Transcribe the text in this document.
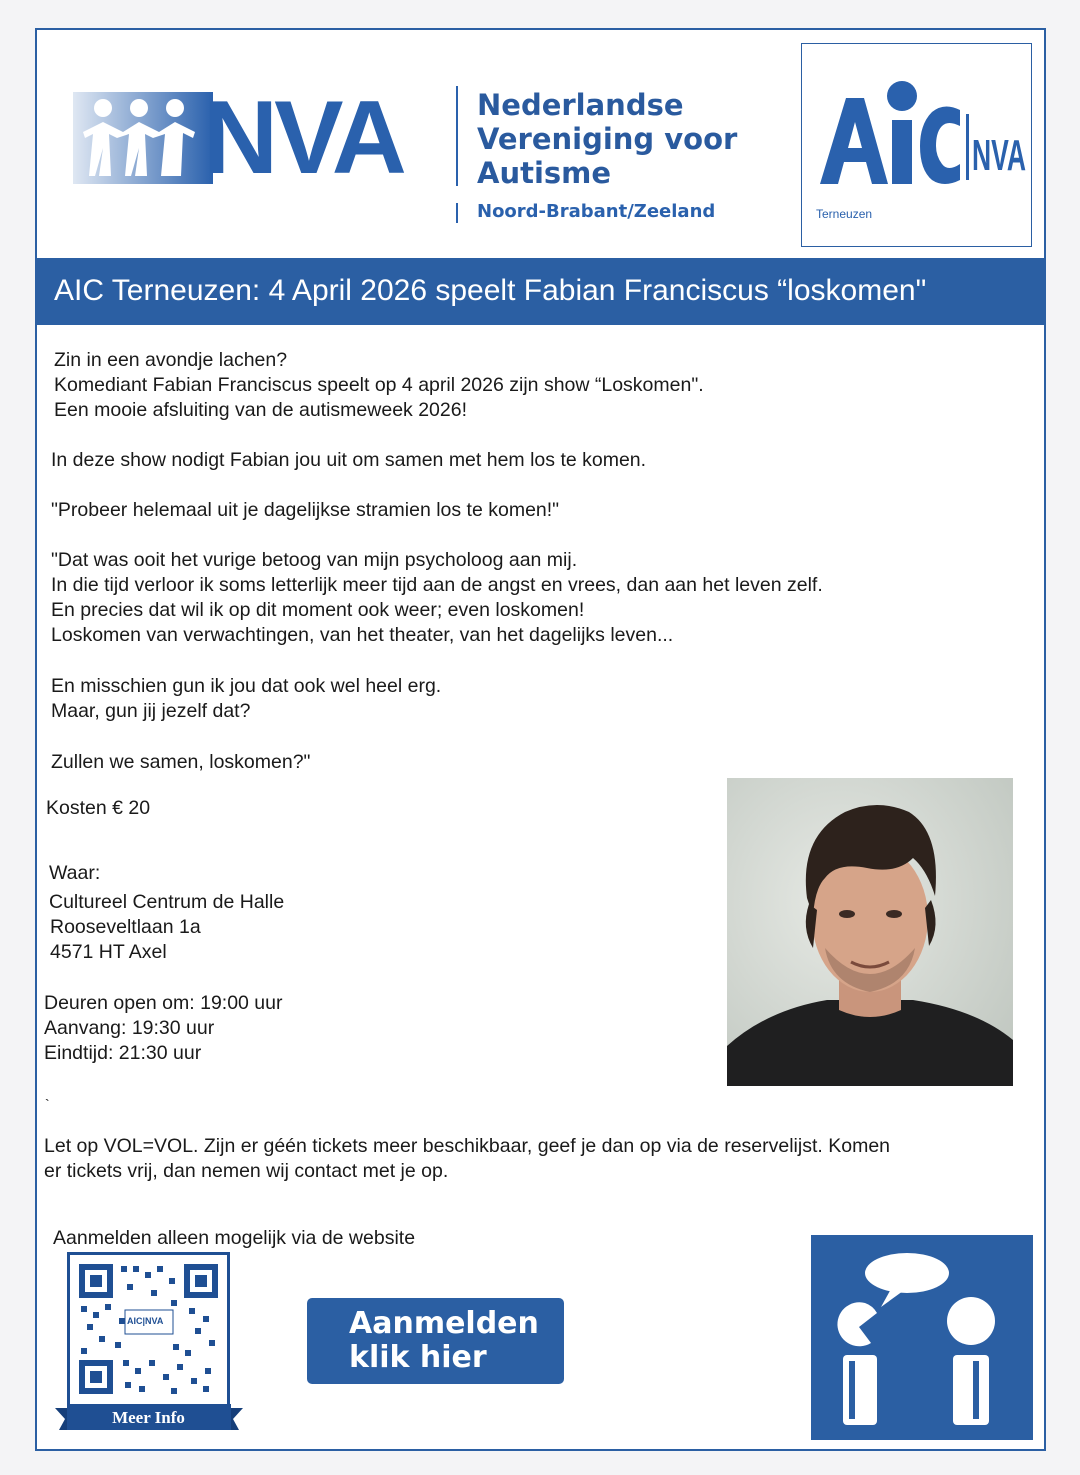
NVA	Nederlandse
Vereniging voor
Autisme
Noord-Brabant/Zeeland
NVA
Terneuzen
AIC Terneuzen: 4 April 2026 speelt Fabian Franciscus “loskomen"
Zin in een avondje lachen?
Komediant Fabian Franciscus speelt op 4 april 2026 zijn show “Loskomen".
Een mooie afsluiting van de autismeweek 2026!
In deze show nodigt Fabian jou uit om samen met hem los te komen.
"Probeer helemaal uit je dagelijkse stramien los te komen!"
"Dat was ooit het vurige betoog van mijn psycholoog aan mij.
In die tijd verloor ik soms letterlijk meer tijd aan de angst en vrees, dan aan het leven zelf.
En precies dat wil ik op dit moment ook weer; even loskomen!
Loskomen van verwachtingen, van het theater, van het dagelijks leven...
En misschien gun ik jou dat ook wel heel erg.
Maar, gun jij jezelf dat?
Zullen we samen, loskomen?"
Kosten € 20
Waar:
Cultureel Centrum de Halle
Rooseveltlaan 1a
4571 HT Axel
Deuren open om: 19:00 uur
Aanvang: 19:30 uur
Eindtijd: 21:30 uur
`
Let op VOL=VOL. Zijn er géén tickets meer beschikbaar, geef je dan op via de reservelijst. Komen
er tickets vrij, dan nemen wij contact met je op.
Aanmelden alleen mogelijk via de website
AIC|NVA
Meer Info
Aanmelden
klik hier
